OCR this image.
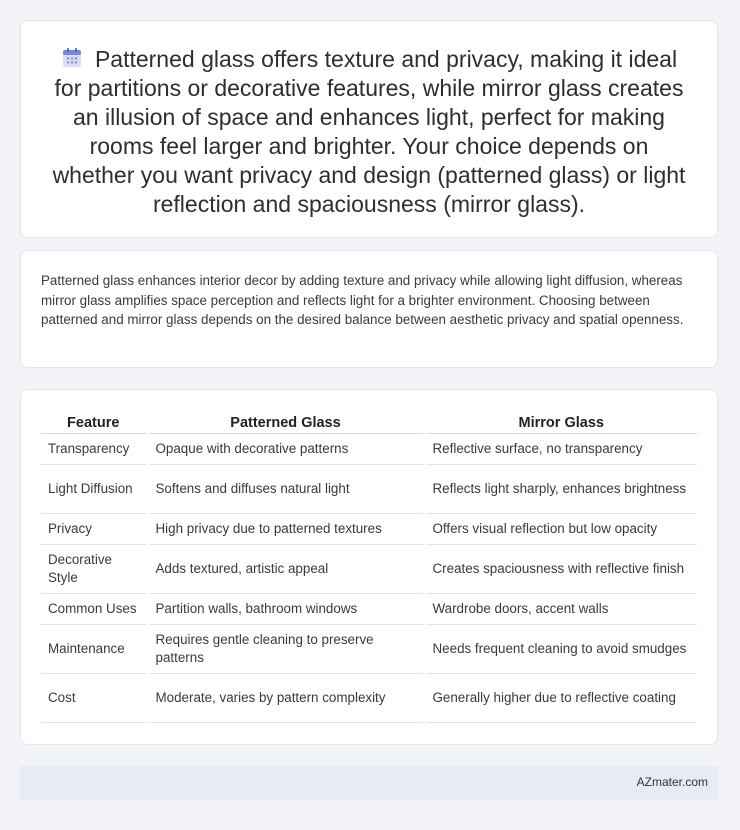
Patterned glass offers texture and privacy, making it ideal for partitions or decorative features, while mirror glass creates an illusion of space and enhances light, perfect for making rooms feel larger and brighter. Your choice depends on whether you want privacy and design (patterned glass) or light reflection and spaciousness (mirror glass).

Patterned glass enhances interior decor by adding texture and privacy while allowing light diffusion, whereas mirror glass amplifies space perception and reflects light for a brighter environment. Choosing between patterned and mirror glass depends on the desired balance between aesthetic privacy and spatial openness.

Feature	Patterned Glass	Mirror Glass
Transparency	Opaque with decorative patterns	Reflective surface, no transparency
Light Diffusion	Softens and diffuses natural light	Reflects light sharply, enhances brightness
Privacy	High privacy due to patterned textures	Offers visual reflection but low opacity
Decorative Style	Adds textured, artistic appeal	Creates spaciousness with reflective finish
Common Uses	Partition walls, bathroom windows	Wardrobe doors, accent walls
Maintenance	Requires gentle cleaning to preserve patterns	Needs frequent cleaning to avoid smudges
Cost	Moderate, varies by pattern complexity	Generally higher due to reflective coating
AZmater.com
